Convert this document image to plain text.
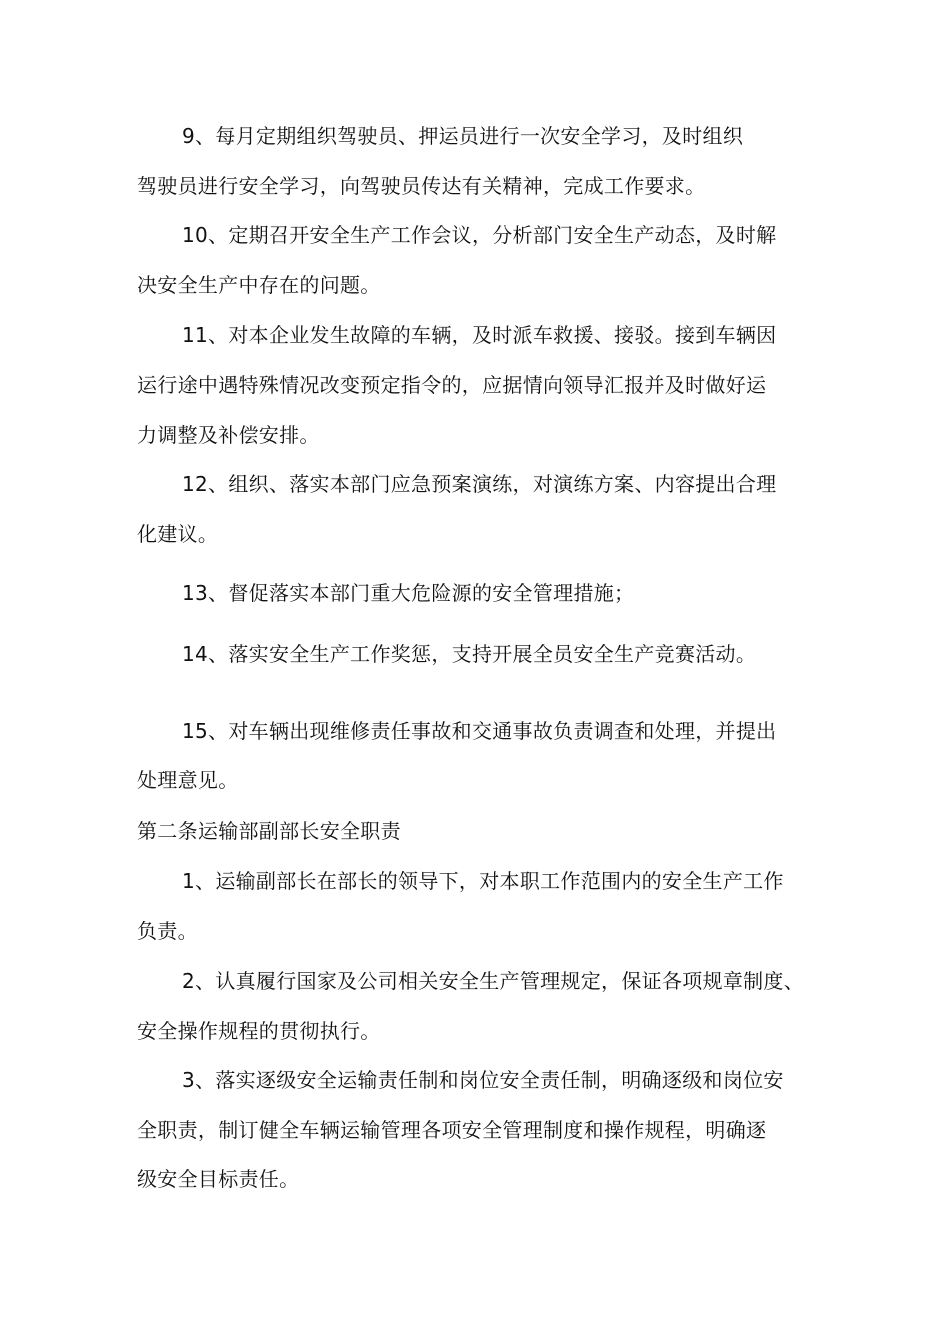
9、每月定期组织驾驶员、押运员进行一次安全学习，及时组织
驾驶员进行安全学习，向驾驶员传达有关精神，完成工作要求。
10、定期召开安全生产工作会议，分析部门安全生产动态，及时解
决安全生产中存在的问题。
11、对本企业发生故障的车辆，及时派车救援、接驳。接到车辆因
运行途中遇特殊情况改变预定指令的，应据情向领导汇报并及时做好运
力调整及补偿安排。
12、组织、落实本部门应急预案演练，对演练方案、内容提出合理
化建议。
13、督促落实本部门重大危险源的安全管理措施；
14、落实安全生产工作奖惩，支持开展全员安全生产竞赛活动。
15、对车辆出现维修责任事故和交通事故负责调查和处理，并提出
处理意见。
第二条运输部副部长安全职责
1、运输副部长在部长的领导下，对本职工作范围内的安全生产工作
负责。
2、认真履行国家及公司相关安全生产管理规定，保证各项规章制度、
安全操作规程的贯彻执行。
3、落实逐级安全运输责任制和岗位安全责任制，明确逐级和岗位安
全职责，制订健全车辆运输管理各项安全管理制度和操作规程，明确逐
级安全目标责任。
